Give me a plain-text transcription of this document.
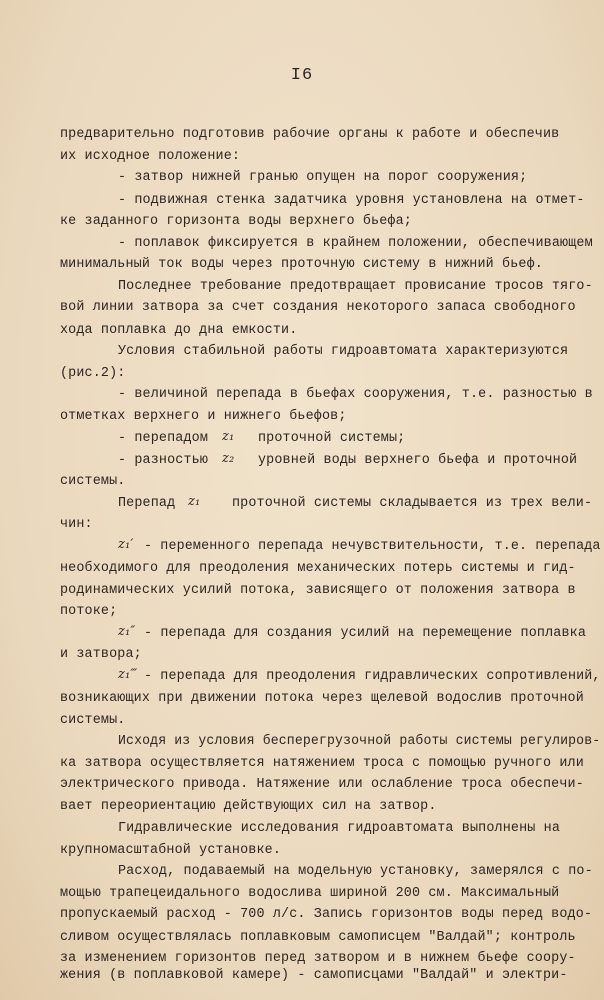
I6
предварительно подготовив рабочие органы к работе и обеспечив
их исходное положение:
- затвор нижней гранью опущен на порог сооружения;
- подвижная стенка задатчика уровня установлена на отмет-
ке заданного горизонта воды верхнего бьефа;
- поплавок фиксируется в крайнем положении, обеспечивающем
минимальный ток воды через проточную систему в нижний бьеф.
Последнее требование предотвращает провисание тросов тяго-
вой линии затвора за счет создания некоторого запаса свободного
хода поплавка до дна емкости.
Условия стабильной работы гидроавтомата характеризуются
(рис.2):
- величиной перепада в бьефах сооружения, т.е. разностью в
отметках верхнего и нижнего бьефов;
- перепадом z₁ проточной системы;
- разностью z₂ уровней воды верхнего бьефа и проточной
системы.
Перепад z₁ проточной системы складывается из трех вели-
чин:
z₁′ - переменного перепада нечувствительности, т.е. перепада
необходимого для преодоления механических потерь системы и гид-
родинамических усилий потока, зависящего от положения затвора в
потоке;
z₁″ - перепада для создания усилий на перемещение поплавка
и затвора;
z₁‴ - перепада для преодоления гидравлических сопротивлений,
возникающих при движении потока через щелевой водослив проточной
системы.
Исходя из условия бесперегрузочной работы системы регулиров-
ка затвора осуществляется натяжением троса с помощью ручного или
электрического привода. Натяжение или ослабление троса обеспечи-
вает переориентацию действующих сил на затвор.
Гидравлические исследования гидроавтомата выполнены на
крупномасштабной установке.
Расход, подаваемый на модельную установку, замерялся с по-
мощью трапецеидального водослива шириной 200 см. Максимальный
пропускаемый расход - 700 л/с. Запись горизонтов воды перед водо-
сливом осуществлялась поплавковым самописцем "Валдай"; контроль
за изменением горизонтов перед затвором и в нижнем бьефе соору-
жения (в поплавковой камере) - самописцами "Валдай" и электри-
